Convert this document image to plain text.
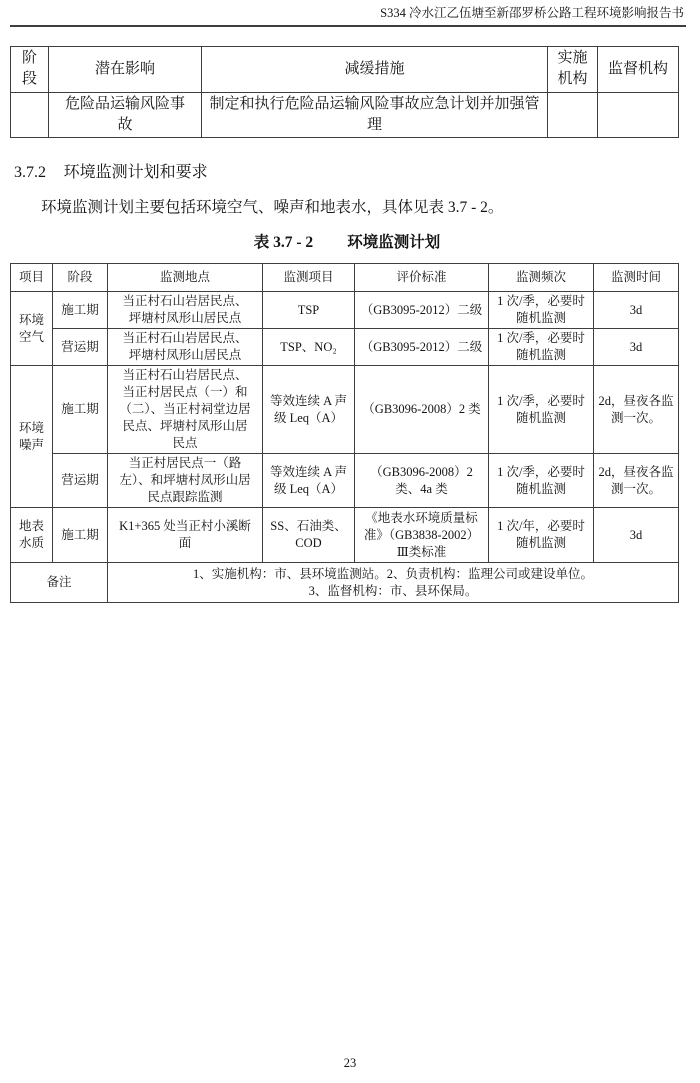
S334 冷水江乙伍塘至新邵罗桥公路工程环境影响报告书
阶段	潜在影响	减缓措施	实施机构	监督机构
	危险品运输风险事故	制定和执行危险品运输风险事故应急计划并加强管理		
3.7.2 环境监测计划和要求

环境监测计划主要包括环境空气、噪声和地表水，具体见表 3.7 - 2。

表 3.7 - 2 环境监测计划
项目	阶段	监测地点	监测项目	评价标准	监测频次	监测时间
环境空气	施工期	当正村石山岩居民点、坪塘村凤形山居民点	TSP	（GB3095-2012）二级	1 次/季，必要时随机监测	3d
	营运期	当正村石山岩居民点、坪塘村凤形山居民点	TSP、NO₂	（GB3095-2012）二级	1 次/季，必要时随机监测	3d
环境噪声	施工期	当正村石山岩居民点、当正村居民点（一）和（二）、当正村祠堂边居民点、坪塘村凤形山居民点	等效连续 A 声级 Leq（A）	（GB3096-2008）2 类	1 次/季，必要时随机监测	2d，昼夜各监测一次。
	营运期	当正村居民点一（路左）、和坪塘村凤形山居民点跟踪监测	等效连续 A 声级 Leq（A）	（GB3096-2008）2 类、4a 类	1 次/季，必要时随机监测	2d，昼夜各监测一次。
地表水质	施工期	K1+365 处当正村小溪断面	SS、石油类、COD	《地表水环境质量标准》（GB3838-2002）Ⅲ类标准	1 次/年，必要时随机监测	3d
备注		1、实施机构：市、县环境监测站。2、负责机构：监理公司或建设单位。
3、监督机构：市、县环保局。				
23
